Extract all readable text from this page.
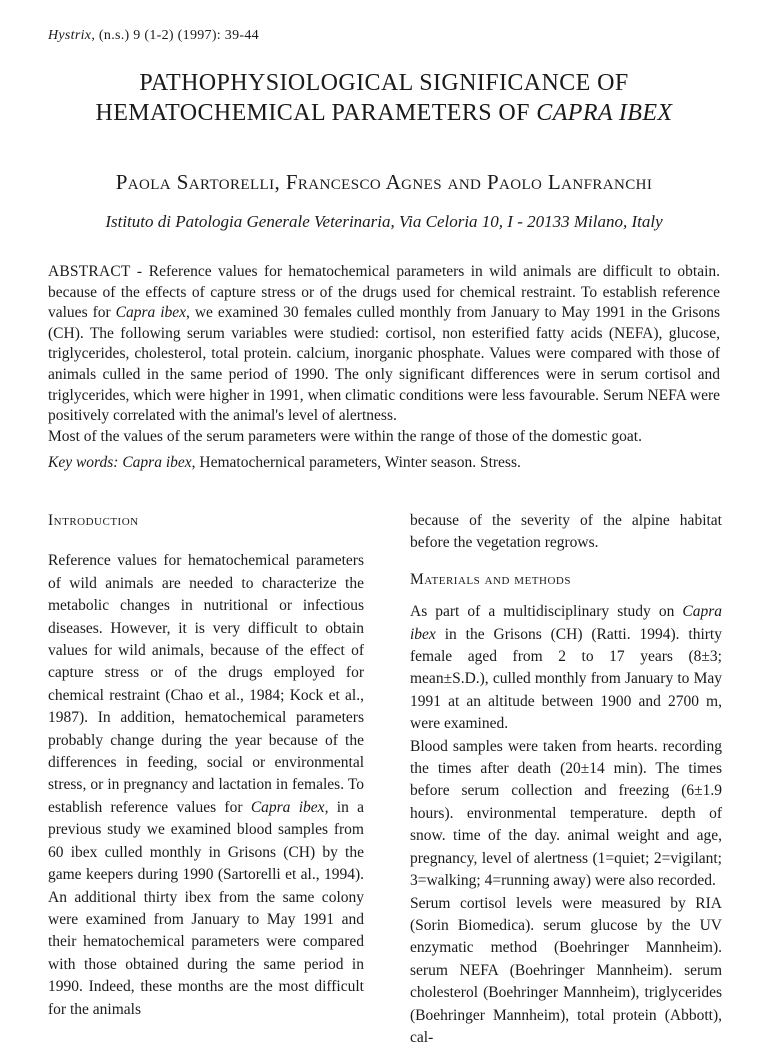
Hystrix, (n.s.) 9 (1-2) (1997): 39-44
PATHOPHYSIOLOGICAL SIGNIFICANCE OF
HEMATOCHEMICAL PARAMETERS OF CAPRA IBEX
Paola Sartorelli, Francesco Agnes and Paolo Lanfranchi
Istituto di Patologia Generale Veterinaria, Via Celoria 10, I - 20133 Milano, Italy

ABSTRACT - Reference values for hematochemical parameters in wild animals are difficult to obtain. because of the effects of capture stress or of the drugs used for chemical restraint. To establish reference values for Capra ibex, we examined 30 females culled monthly from January to May 1991 in the Grisons (CH). The following serum variables were studied: cortisol, non esterified fatty acids (NEFA), glucose, triglycerides, cholesterol, total protein. calcium, inorganic phosphate. Values were compared with those of animals culled in the same period of 1990. The only significant differences were in serum cortisol and triglycerides, which were higher in 1991, when climatic conditions were less favourable. Serum NEFA were positively correlated with the animal's level of alertness.

Most of the values of the serum parameters were within the range of those of the domestic goat.

Key words: Capra ibex, Hematochernical parameters, Winter season. Stress.

Introduction

Reference values for hematochemical parameters of wild animals are needed to characterize the metabolic changes in nutritional or infectious diseases. However, it is very difficult to obtain values for wild animals, because of the effect of capture stress or of the drugs employed for chemical restraint (Chao et al., 1984; Kock et al., 1987). In addition, hematochemical parameters probably change during the year because of the differences in feeding, social or environmental stress, or in pregnancy and lactation in females. To establish reference values for Capra ibex, in a previous study we examined blood samples from 60 ibex culled monthly in Grisons (CH) by the game keepers during 1990 (Sartorelli et al., 1994). An additional thirty ibex from the same colony were examined from January to May 1991 and their hematochemical parameters were compared with those obtained during the same period in 1990. Indeed, these months are the most difficult for the animals

because of the severity of the alpine habitat before the vegetation regrows.

Materials and methods

As part of a multidisciplinary study on Capra ibex in the Grisons (CH) (Ratti. 1994). thirty female aged from 2 to 17 years (8±3; mean±S.D.), culled monthly from January to May 1991 at an altitude between 1900 and 2700 m, were examined.

Blood samples were taken from hearts. recording the times after death (20±14 min). The times before serum collection and freezing (6±1.9 hours). environmental temperature. depth of snow. time of the day. animal weight and age, pregnancy, level of alertness (1=quiet; 2=vigilant; 3=walking; 4=running away) were also recorded.

Serum cortisol levels were measured by RIA (Sorin Biomedica). serum glucose by the UV enzymatic method (Boehringer Mannheim). serum NEFA (Boehringer Mannheim). serum cholesterol (Boehringer Mannheim), triglycerides (Boehringer Mannheim), total protein (Abbott), cal-
